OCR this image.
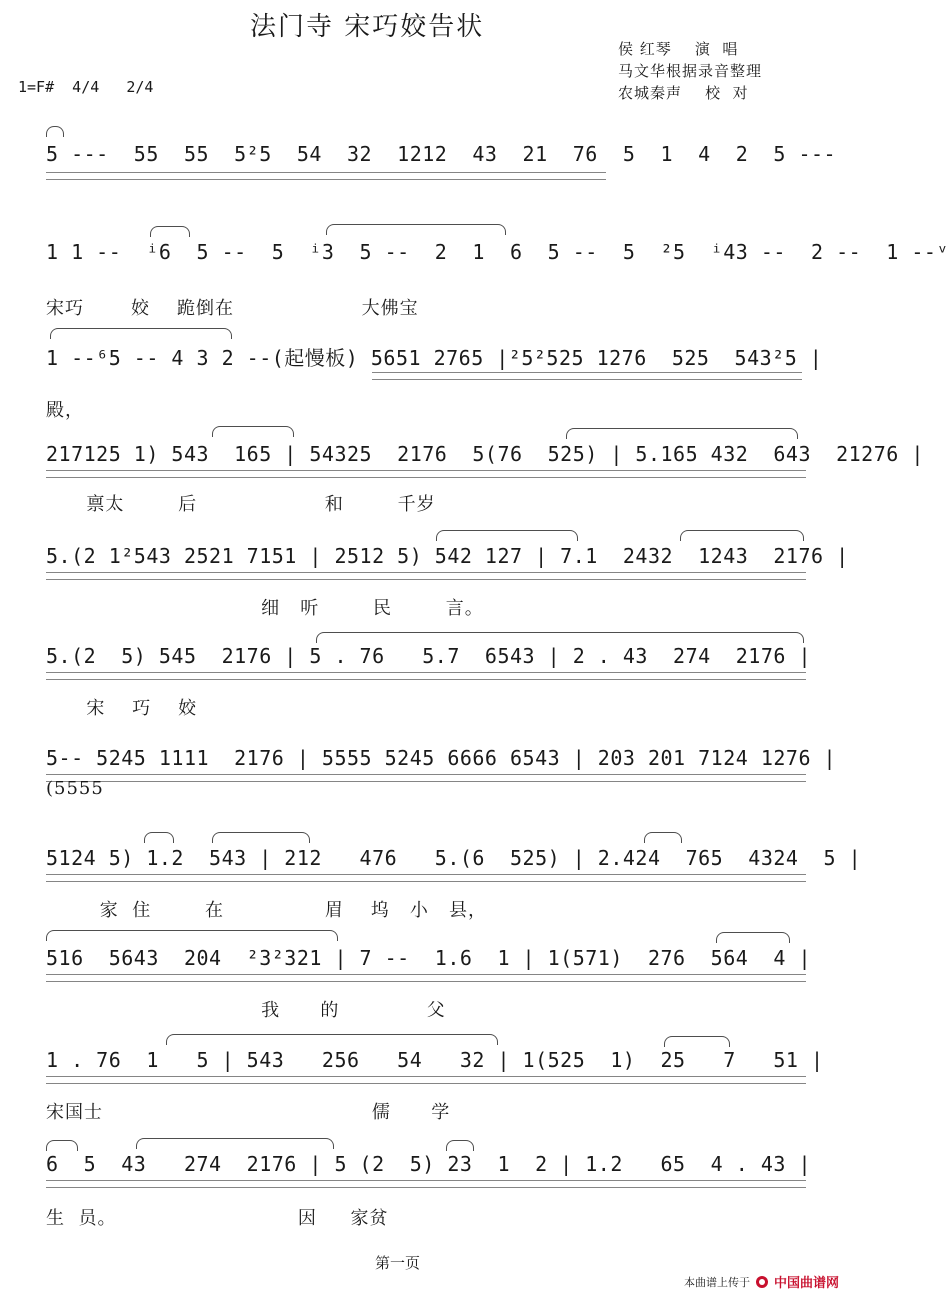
法门寺 宋巧姣告状
侯 红琴    演  唱
马文华根据录音整理
农城秦声    校  对
1=F#  4/4   2/4
5 ---  55  55  5²5  54  32  1212  43  21  76  5  1  4  2  5 ---
1 1 --  ⁱ6  5 --  5  ⁱ3  5 --  2  1  6  5 --  5  ²5  ⁱ43 --  2 --  1 --ᵛ
宋巧       姣    跪倒在                   大佛宝
1 --⁶5 -- 4 3 2 --(起慢板) 5651 2765 |²5²525 1276  525  543²5 |
殿，
217125 1) 543  165 | 54325  2176  5(76  525) | 5.165 432  643  21276 |
禀太        后                   和        千岁
5.(2 1²543 2521 7151 | 2512 5) 542 127 | 7.1  2432  1243  2176 |
细   听        民        言。
5.(2  5) 545  2176 | 5 . 76   5.7  6543 | 2 . 43  274  2176 |
宋    巧    姣
5-- 5245 1111  2176 | 5555 5245 6666 6543 | 203 201 7124 1276 |
(5555
5124 5) 1.2  543 | 212   476   5.(6  525) | 2.424  765  4324  5 |
家  住        在               眉    坞   小   县，
516  5643  204  ²3²321 | 7 --  1.6  1 | 1(571)  276  564  4 |
我      的             父
1 . 76  1   5 | 543   256   54   32 | 1(525  1)  25   7   51 |
宋国士                                        儒      学
6  5  43   274  2176 | 5 (2  5) 23  1  2 | 1.2   65  4 . 43 |
生  员。                           因     家贫
第一页
本曲谱上传于 中国曲谱网
